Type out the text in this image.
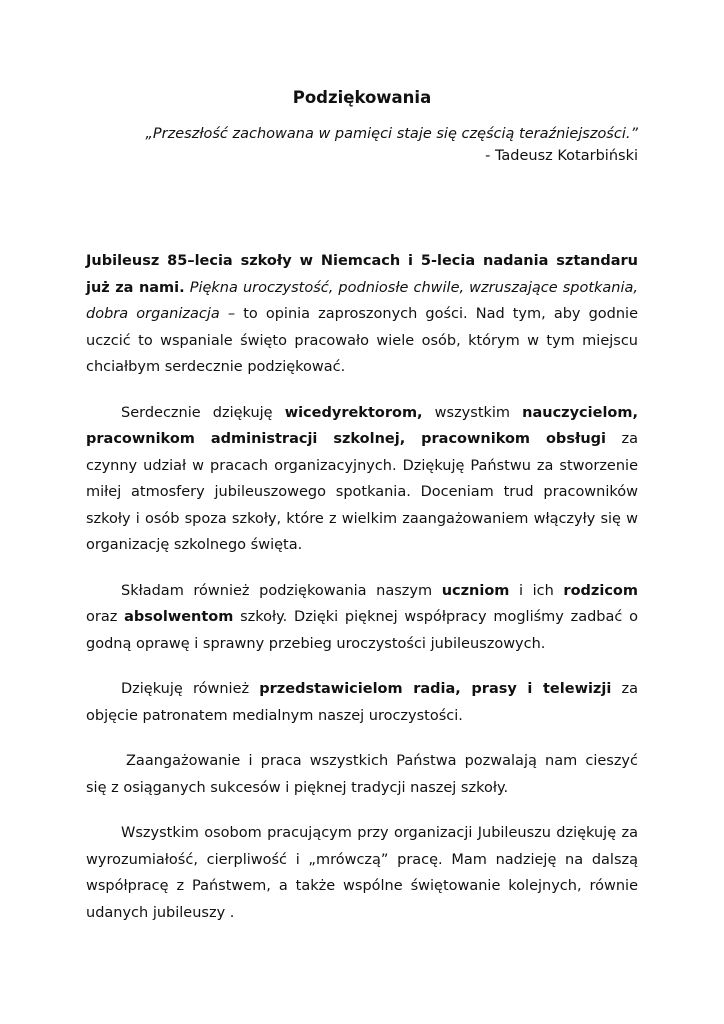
Podziękowania
„Przeszłość zachowana w pamięci staje się częścią teraźniejszości.”
- Tadeusz Kotarbiński

Jubileusz 85–lecia szkoły w Niemcach i 5-lecia nadania sztandaru już za nami. Piękna uroczystość, podniosłe chwile, wzruszające spotkania, dobra organizacja – to opinia zaproszonych gości. Nad tym, aby godnie uczcić to wspaniale święto pracowało wiele osób, którym w tym miejscu chciałbym serdecznie podziękować.

Serdecznie dziękuję wicedyrektorom, wszystkim nauczycielom, pracownikom administracji szkolnej, pracownikom obsługi za czynny udział w pracach organizacyjnych. Dziękuję Państwu za stworzenie miłej atmosfery jubileuszowego spotkania. Doceniam trud pracowników szkoły i osób spoza szkoły, które z wielkim zaangażowaniem włączyły się w organizację szkolnego święta.

Składam również podziękowania naszym uczniom i ich rodzicom oraz absolwentom szkoły. Dzięki pięknej współpracy mogliśmy zadbać o godną oprawę i sprawny przebieg uroczystości jubileuszowych.

Dziękuję również przedstawicielom radia, prasy i telewizji za objęcie patronatem medialnym naszej uroczystości.

Zaangażowanie i praca wszystkich Państwa pozwalają nam cieszyć się z osiąganych sukcesów i pięknej tradycji naszej szkoły.

Wszystkim osobom pracującym przy organizacji Jubileuszu dziękuję za wyrozumiałość, cierpliwość i „mrówczą” pracę. Mam nadzieję na dalszą współpracę z Państwem, a także wspólne świętowanie kolejnych, równie udanych jubileuszy .
